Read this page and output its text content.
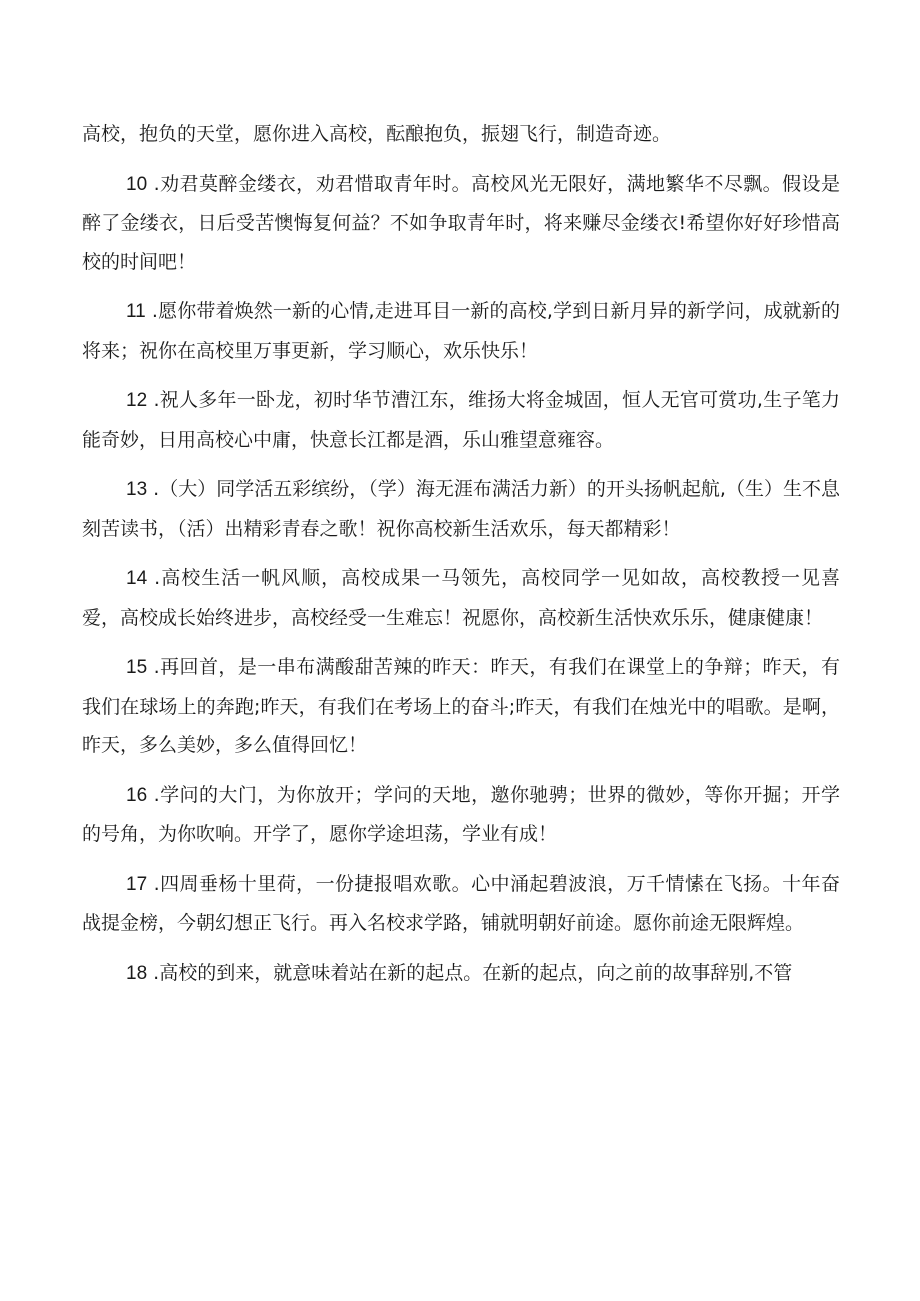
高校，抱负的天堂，愿你进入高校，酝酿抱负，振翅飞行，制造奇迹。

10 .劝君莫醉金缕衣，劝君惜取青年时。高校风光无限好，满地繁华不尽飘。假设是醉了金缕衣，日后受苦懊悔复何益？不如争取青年时，将来赚尽金缕衣!希望你好好珍惜高校的时间吧！

11 .愿你带着焕然一新的心情,走进耳目一新的高校,学到日新月异的新学问，成就新的将来；祝你在高校里万事更新，学习顺心，欢乐快乐！

12 .祝人多年一卧龙，初时华节漕江东，维扬大将金城固，恒人无官可赏功,生子笔力能奇妙，日用高校心中庸，快意长江都是酒，乐山雅望意雍容。

13 .（大）同学活五彩缤纷，（学）海无涯布满活力新）的开头扬帆起航,（生）生不息刻苦读书，（活）出精彩青春之歌！祝你高校新生活欢乐，每天都精彩！

14 .高校生活一帆风顺，高校成果一马领先，高校同学一见如故，高校教授一见喜爱，高校成长始终进步，高校经受一生难忘！祝愿你，高校新生活快欢乐乐，健康健康！

15 .再回首，是一串布满酸甜苦辣的昨天：昨天，有我们在课堂上的争辩；昨天，有我们在球场上的奔跑;昨天，有我们在考场上的奋斗;昨天，有我们在烛光中的唱歌。是啊，昨天，多么美妙，多么值得回忆！

16 .学问的大门，为你放开；学问的天地，邀你驰骋；世界的微妙，等你开掘；开学的号角，为你吹响。开学了，愿你学途坦荡，学业有成！

17 .四周垂杨十里荷，一份捷报唱欢歌。心中涌起碧波浪，万千情愫在飞扬。十年奋战提金榜，今朝幻想正飞行。再入名校求学路，铺就明朝好前途。愿你前途无限辉煌。

18 .高校的到来，就意味着站在新的起点。在新的起点，向之前的故事辞别,不管
